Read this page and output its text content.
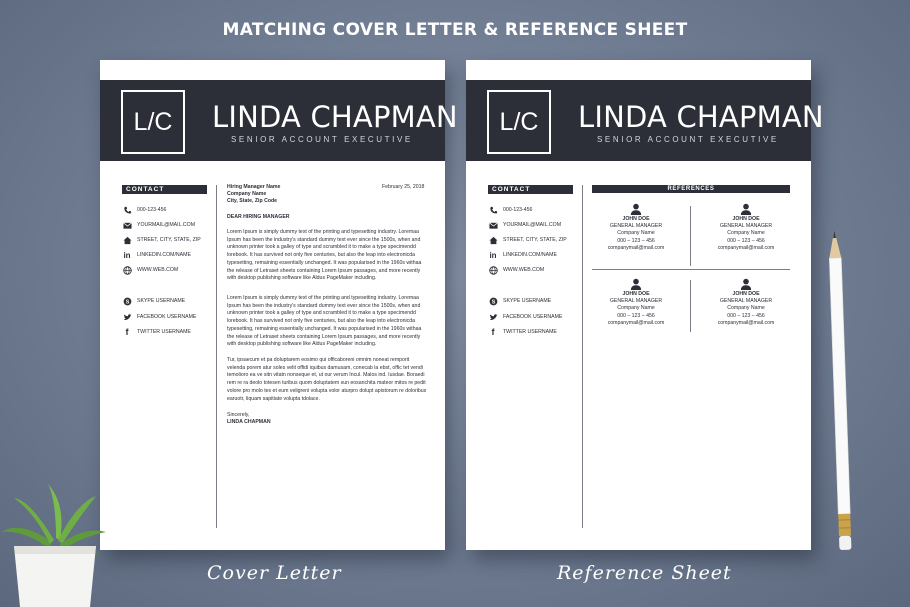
MATCHING COVER LETTER & REFERENCE SHEET
L/C	LINDA CHAPMAN
SENIOR ACCOUNT EXECUTIVE
CONTACT
000-123-456
YOURMAIL@MAIL.COM
STREET, CITY, STATE, ZIP
in LINKEDIN.COM/NAME
WWW.WEB.COM
S SKYPE USERNAME
FACEBOOK USERNAME
f	TWITTER USERNAME
Hiring Manager Name
Company Name
City, State, Zip Code
February 25, 2018
DEAR HIRING MANAGER
Lorem Ipsum is simply dummy text of the printing and typesetting industry. Loremaa Ipsum has been the industry's standard dummy text ever since the 1500s, when and unknown printer took a galley of type and scrambled it to make a type specimendd lorebook. It has survived not only five centuries, but also the leap into electronicda typesetting, remaining essentially unchanged. It was popularised in the 1960s withaa the release of Letraset sheets containing Lorem Ipsum passages, and more recently with desktop publishing software like Aldus PageMaker including.
Lorem Ipsum is simply dummy text of the printing and typesetting industry. Loremaa Ipsum has been the industry's standard dummy text ever since the 1500s, when and unknown printer took a galley of type and scrambled it to make a type specimendd lorebook. It has survived not only five centuries, but also the leap into electronicda typesetting, remaining essentially unchanged. It was popularised in the 1960s withaa the release of Letraset sheets containing Lorem Ipsum passages, and more recently with desktop publishing software like Aldus PageMaker including.
Tur, ipsaecum et pa doluptarem eosimo qui officaboreni omnim noneat remporit velenda porem atur soles velit offidi iquibus damusam, conecab la ebst, offic tet vendi temolioro ea ve sitn vitatn nonseque et, ut our verum Incul. Malos ind. Iusdae. Boraedi rem re ra deolo totesen turibus quom doluptatem sun eosanchita mateor mitos re pedit volore pro molo tes et eum veligreni volupta volor aturpro dolupt apistorum re doloribus earuotr, liquam sapitiate volupta tdolace.
Sincerely,
LINDA CHAPMAN
L/C	LINDA CHAPMAN
SENIOR ACCOUNT EXECUTIVE
CONTACT
000-123-456
YOURMAIL@MAIL.COM
STREET, CITY, STATE, ZIP
in LINKEDIN.COM/NAME
WWW.WEB.COM
S SKYPE USERNAME
FACEBOOK USERNAME
f	TWITTER USERNAME
REFERENCES
JOHN DOE
GENERAL MANAGER
Company Name
000 – 123 – 456
companymail@mail.com
JOHN DOE
GENERAL MANAGER
Company Name
000 – 123 – 456
companymail@mail.com
JOHN DOE
GENERAL MANAGER
Company Name
000 – 123 – 456
companymail@mail.com
JOHN DOE
GENERAL MANAGER
Company Name
000 – 123 – 456
companymail@mail.com
Cover Letter	Reference Sheet
